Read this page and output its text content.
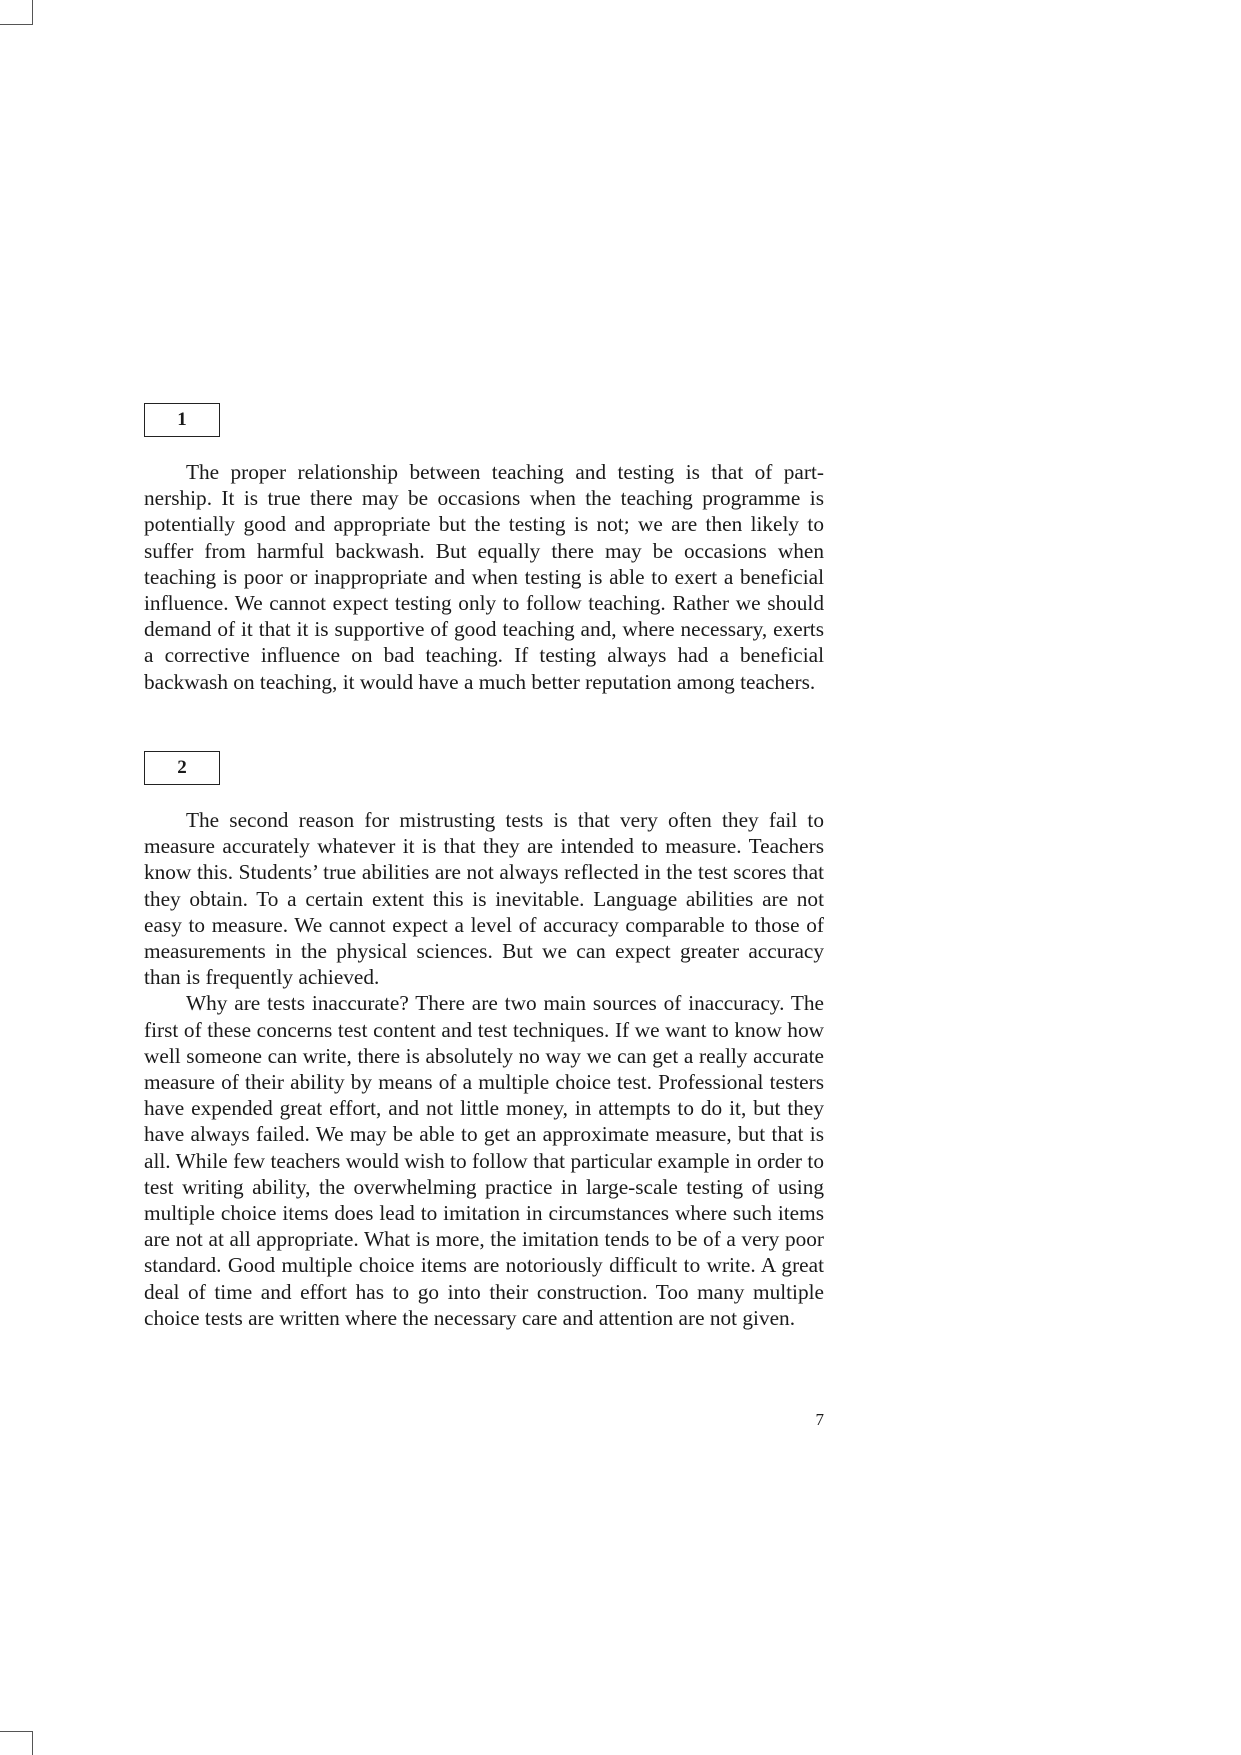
1

The proper relationship between teaching and testing is that of partnership. It is true there may be occasions when the teaching programme is potentially good and appropriate but the testing is not; we are then likely to suffer from harmful backwash. But equally there may be occasions when teaching is poor or inappropriate and when testing is able to exert a beneficial influence. We cannot expect testing only to follow teaching. Rather we should demand of it that it is supportive of good teaching and, where necessary, exerts a corrective influence on bad teaching. If testing always had a beneficial backwash on teaching, it would have a much better reputation among teachers.

2

The second reason for mistrusting tests is that very often they fail to measure accurately whatever it is that they are intended to measure. Teachers know this. Students’ true abilities are not always reflected in the test scores that they obtain. To a certain extent this is inevitable. Language abilities are not easy to measure. We cannot expect a level of accuracy comparable to those of measurements in the physical sciences. But we can expect greater accuracy than is frequently achieved.

Why are tests inaccurate? There are two main sources of inaccuracy. The first of these concerns test content and test techniques. If we want to know how well someone can write, there is absolutely no way we can get a really accurate measure of their ability by means of a multiple choice test. Professional testers have expended great effort, and not little money, in attempts to do it, but they have always failed. We may be able to get an approximate measure, but that is all. While few teachers would wish to follow that particular example in order to test writing ability, the overwhelming practice in large-scale testing of using multiple choice items does lead to imitation in circumstances where such items are not at all appropriate. What is more, the imitation tends to be of a very poor standard. Good multiple choice items are notoriously difficult to write. A great deal of time and effort has to go into their construction. Too many multiple choice tests are written where the necessary care and attention are not given.

7
